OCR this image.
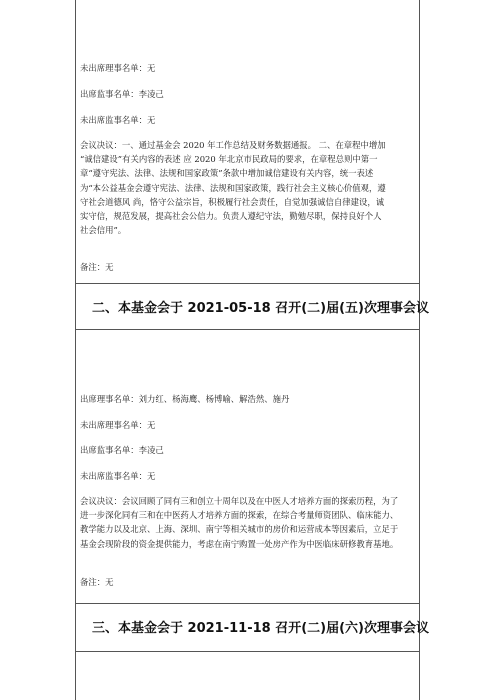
未出席理事名单：无
出席监事名单：李凌己
未出席监事名单：无
会议决议：一、通过基金会 2020 年工作总结及财务数据通报。 二、在章程中增加
“诚信建设”有关内容的表述 应 2020 年北京市民政局的要求，在章程总则中第一
章“遵守宪法、法律、法规和国家政策”条款中增加诚信建设有关内容，统一表述
为“本公益基金会遵守宪法、法律、法规和国家政策，践行社会主义核心价值观，遵
守社会道德风 尚，恪守公益宗旨，积极履行社会责任，自觉加强诚信自律建设，诚
实守信，规范发展，提高社会公信力。负责人遵纪守法，勤勉尽职，保持良好个人
社会信用”。
备注：无
二、本基金会于 2021-05-18 召开(二)届(五)次理事会议
出席理事名单：刘力红、杨海鹰、杨博喻、解浩然、施丹
未出席理事名单：无
出席监事名单：李凌己
未出席监事名单：无
会议决议：会议回顾了同有三和创立十周年以及在中医人才培养方面的探索历程，为了
进一步深化同有三和在中医药人才培养方面的探索，在综合考量师资团队、临床能力、
教学能力以及北京、上海、深圳、南宁等相关城市的房价和运营成本等因素后，立足于
基金会现阶段的资金提供能力，考虑在南宁购置一处房产作为中医临床研修教育基地。
备注：无
三、本基金会于 2021-11-18 召开(二)届(六)次理事会议
